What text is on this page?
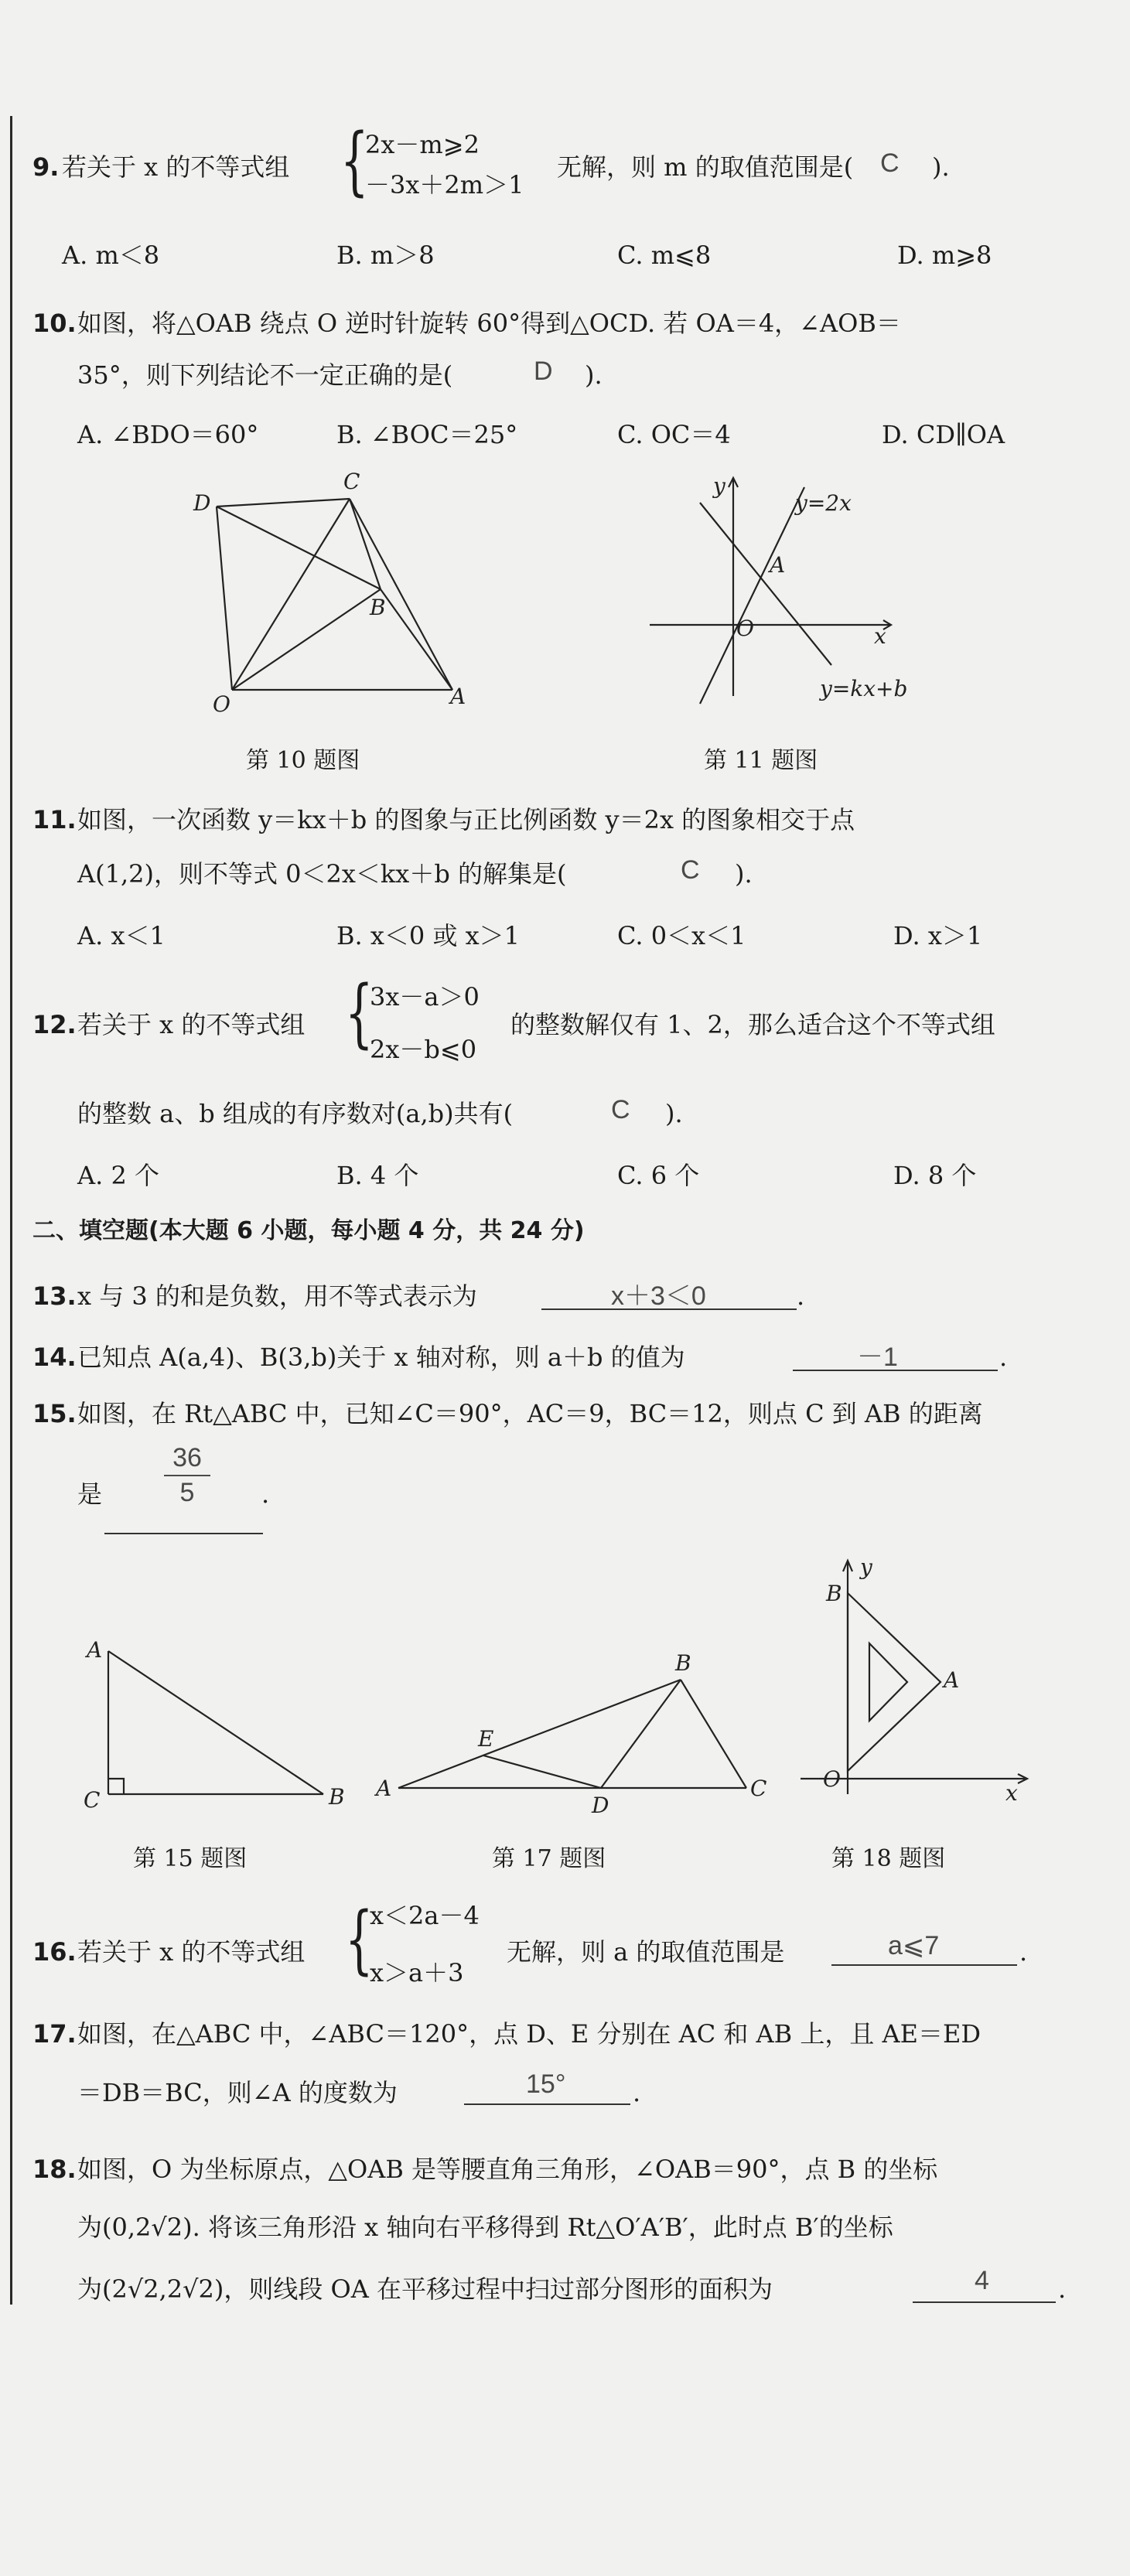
9. 若关于 x 的不等式组 {
2x－m⩾2
－3x＋2m＞1
无解，则 m 的取值范围是( C ).
A. m＜8	B. m＞8	C. m⩽8	D. m⩾8
10. 如图，将△OAB 绕点 O 逆时针旋转 60°得到△OCD. 若 OA＝4，∠AOB＝
35°，则下列结论不一定正确的是(	D ).
A. ∠BDO＝60°	B. ∠BOC＝25°	C. OC＝4	D. CD∥OA
D
C
B
O	A
第 10 题图
y
y=2x
A
O	x
y=kx+b
第 11 题图
11. 如图，一次函数 y＝kx＋b 的图象与正比例函数 y＝2x 的图象相交于点
A(1,2)，则不等式 0＜2x＜kx＋b 的解集是(	C ).
A. x＜1	B. x＜0 或 x＞1	C. 0＜x＜1	D. x＞1
12. 若关于 x 的不等式组 {
3x－a＞0
2x－b⩽0
的整数解仅有 1、2，那么适合这个不等式组
的整数 a、b 组成的有序数对(a,b)共有(	C ).
A. 2 个	B. 4 个	C. 6 个	D. 8 个
二、填空题(本大题 6 小题，每小题 4 分，共 24 分)
13. x 与 3 的和是负数，用不等式表示为	x＋3＜0	.
14. 已知点 A(a,4)、B(3,b)关于 x 轴对称，则 a＋b 的值为	－1	.
15. 如图，在 Rt△ABC 中，已知∠C＝90°，AC＝9，BC＝12，则点 C 到 AB 的距离
是
36
5	.
A
C	B
第 15 题图
B
E
A
D
C
第 17 题图
y
B
A
O
x
第 18 题图
16. 若关于 x 的不等式组 {
x＜2a－4
x＞a＋3
无解，则 a 的取值范围是	a⩽7	.
17. 如图，在△ABC 中，∠ABC＝120°，点 D、E 分别在 AC 和 AB 上，且 AE＝ED
＝DB＝BC，则∠A 的度数为	15°	.
18. 如图，O 为坐标原点，△OAB 是等腰直角三角形，∠OAB＝90°，点 B 的坐标
为(0,2√2). 将该三角形沿 x 轴向右平移得到 Rt△O′A′B′，此时点 B′的坐标
为(2√2,2√2)，则线段 OA 在平移过程中扫过部分图形的面积为	4	.
